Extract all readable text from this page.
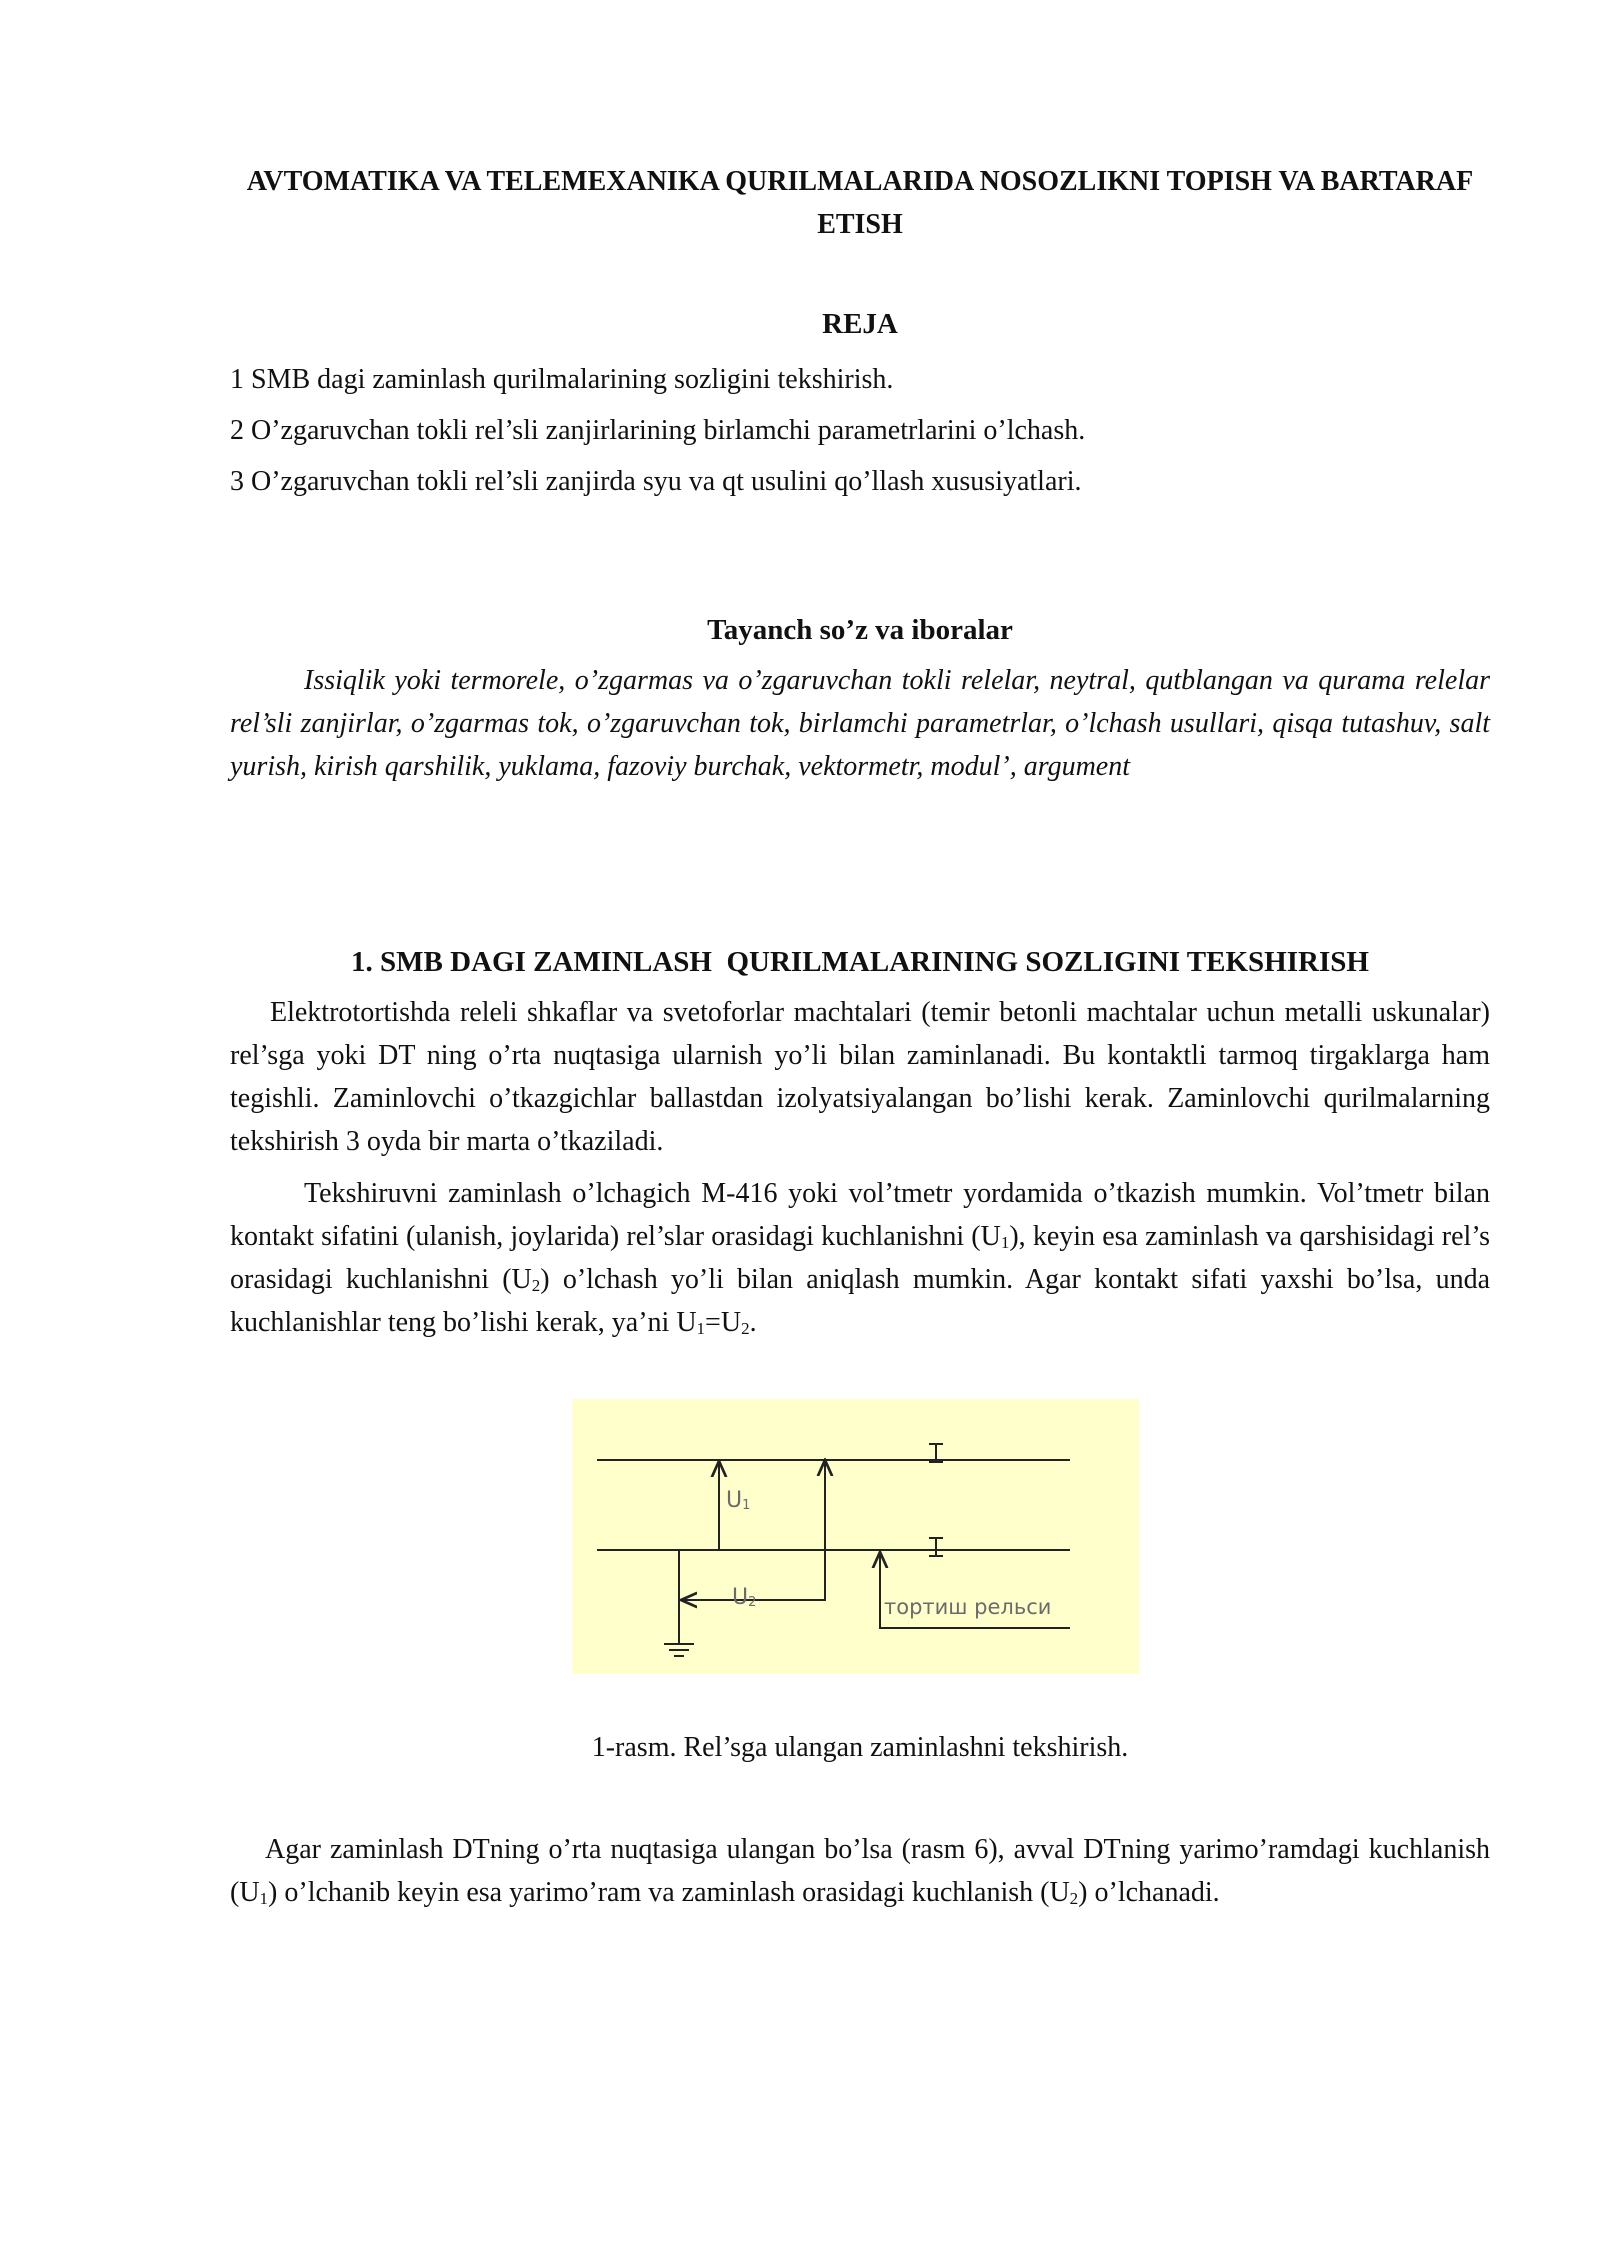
AVTOMATIKA VA TELEMEXANIKA QURILMALARIDA NOSOZLIKNI TOPISH VA BARTARAF ETISH
REJA
1 SMB dagi zaminlash qurilmalarining sozligini tekshirish.
2 O’zgaruvchan tokli rel’sli zanjirlarining birlamchi parametrlarini o’lchash.
3 O’zgaruvchan tokli rel’sli zanjirda syu va qt usulini qo’llash xususiyatlari.
Tayanch so’z va iboralar

Issiqlik yoki termorele, o’zgarmas va o’zgaruvchan tokli relelar, neytral, qutblangan va qurama relelar rel’sli zanjirlar, o’zgarmas tok, o’zgaruvchan tok, birlamchi parametrlar, o’lchash usullari, qisqa tutashuv, salt yurish, kirish qarshilik, yuklama, fazoviy burchak, vektormetr, modul’, argument

1. SMB DAGI ZAMINLASH  QURILMALARINING SOZLIGINI TEKSHIRISH

Elektrotortishda releli shkaflar va svetoforlar machtalari (temir betonli machtalar uchun metalli uskunalar) rel’sga yoki DT ning o’rta nuqtasiga ularnish yo’li bilan zaminlanadi. Bu kontaktli tarmoq tirgaklarga ham tegishli. Zaminlovchi o’tkazgichlar ballastdan izolyatsiyalangan bo’lishi kerak. Zaminlovchi qurilmalarning tekshirish 3 oyda bir marta o’tkaziladi.

Tekshiruvni zaminlash o’lchagich M-416 yoki vol’tmetr yordamida o’tkazish mumkin. Vol’tmetr bilan kontakt sifatini (ulanish, joylarida) rel’slar orasidagi kuchlanishni $(U_1)$, keyin esa zaminlash va qarshisidagi rel’s orasidagi kuchlanishni $(U_2)$ o’lchash yo’li bilan aniqlash mumkin. Agar kontakt sifati yaxshi bo’lsa, unda kuchlanishlar teng bo’lishi kerak, ya’ni $U_1=U_2$.

U1
U2	тортиш рельси
1-rasm. Rel’sga ulangan zaminlashni tekshirish.

Agar zaminlash DTning o’rta nuqtasiga ulangan bo’lsa (rasm 6), avval DTning yarimo’ramdagi kuchlanish $(U_1)$ o’lchanib keyin esa yarimo’ram va zaminlash orasidagi kuchlanish $(U_2)$ o’lchanadi.
